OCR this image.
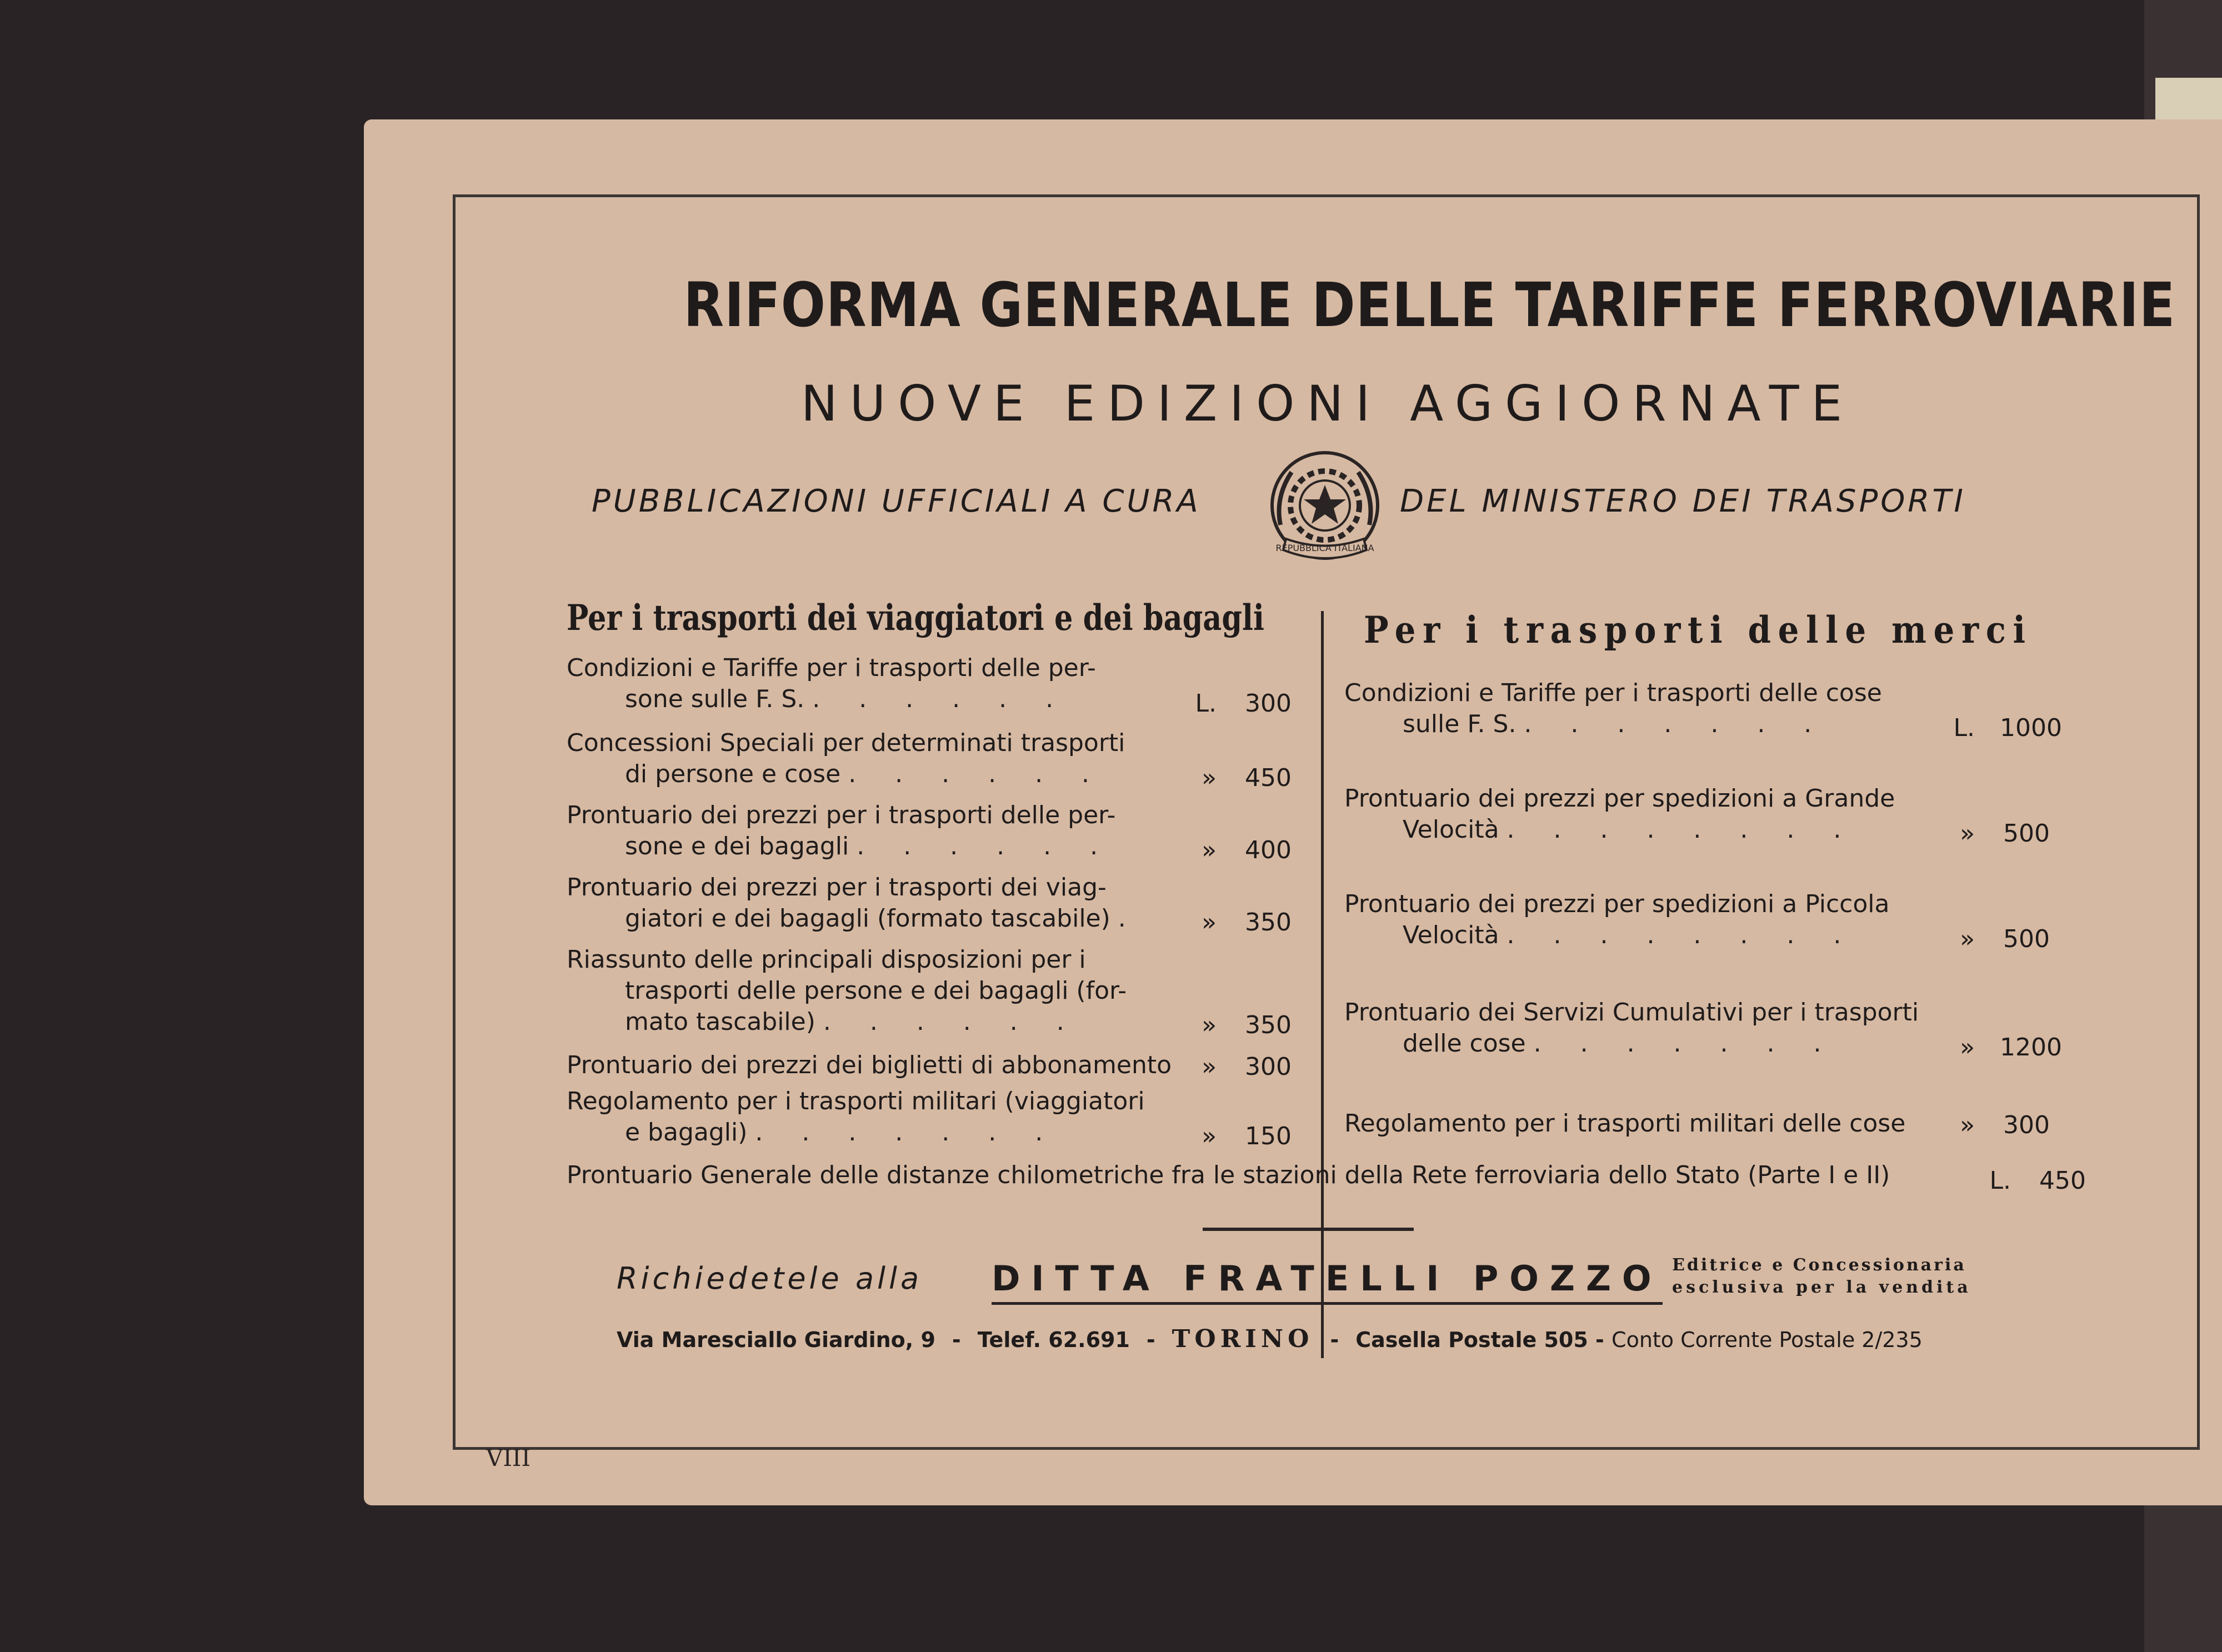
RIFORMA GENERALE DELLE TARIFFE FERROVIARIE
NUOVE EDIZIONI AGGIORNATE
PUBBLICAZIONI UFFICIALI A CURA
REPUBBLICA ITALIANA
DEL MINISTERO DEI TRASPORTI
Per i trasporti dei viaggiatori e dei bagagli	Per i trasporti delle merci
Condizioni e Tariffe per i trasporti delle per-
sone sulle F. S. . . . . . .	L. 300
Concessioni Speciali per determinati trasporti
di persone e cose . . . . . .	» 450
Prontuario dei prezzi per i trasporti delle per-
sone e dei bagagli . . . . . .	» 400
Prontuario dei prezzi per i trasporti dei viag-
giatori e dei bagagli (formato tascabile) .	» 350
Riassunto delle principali disposizioni per i
trasporti delle persone e dei bagagli (for-
mato tascabile) . . . . . .	» 350
Prontuario dei prezzi dei biglietti di abbonamento	» 300
Regolamento per i trasporti militari (viaggiatori
e bagagli) . . . . . . .	» 150
Condizioni e Tariffe per i trasporti delle cose
sulle F. S. . . . . . . .	L. 1000
Prontuario dei prezzi per spedizioni a Grande
Velocità . . . . . . . .	» 500
Prontuario dei prezzi per spedizioni a Piccola
Velocità . . . . . . . .	» 500
Prontuario dei Servizi Cumulativi per i trasporti
delle cose . . . . . . .	» 1200
Regolamento per i trasporti militari delle cose	» 300
Prontuario Generale delle distanze chilometriche fra le stazioni della Rete ferroviaria dello Stato (Parte I e II)	L. 450
Richiedetele alla DITTA FRATELLI POZZO Editrice e Concessionaria
esclusiva per la vendita
Via Maresciallo Giardino, 9 - Telef. 62.691 - TORINO - Casella Postale 505 - Conto Corrente Postale 2/235
VIII
